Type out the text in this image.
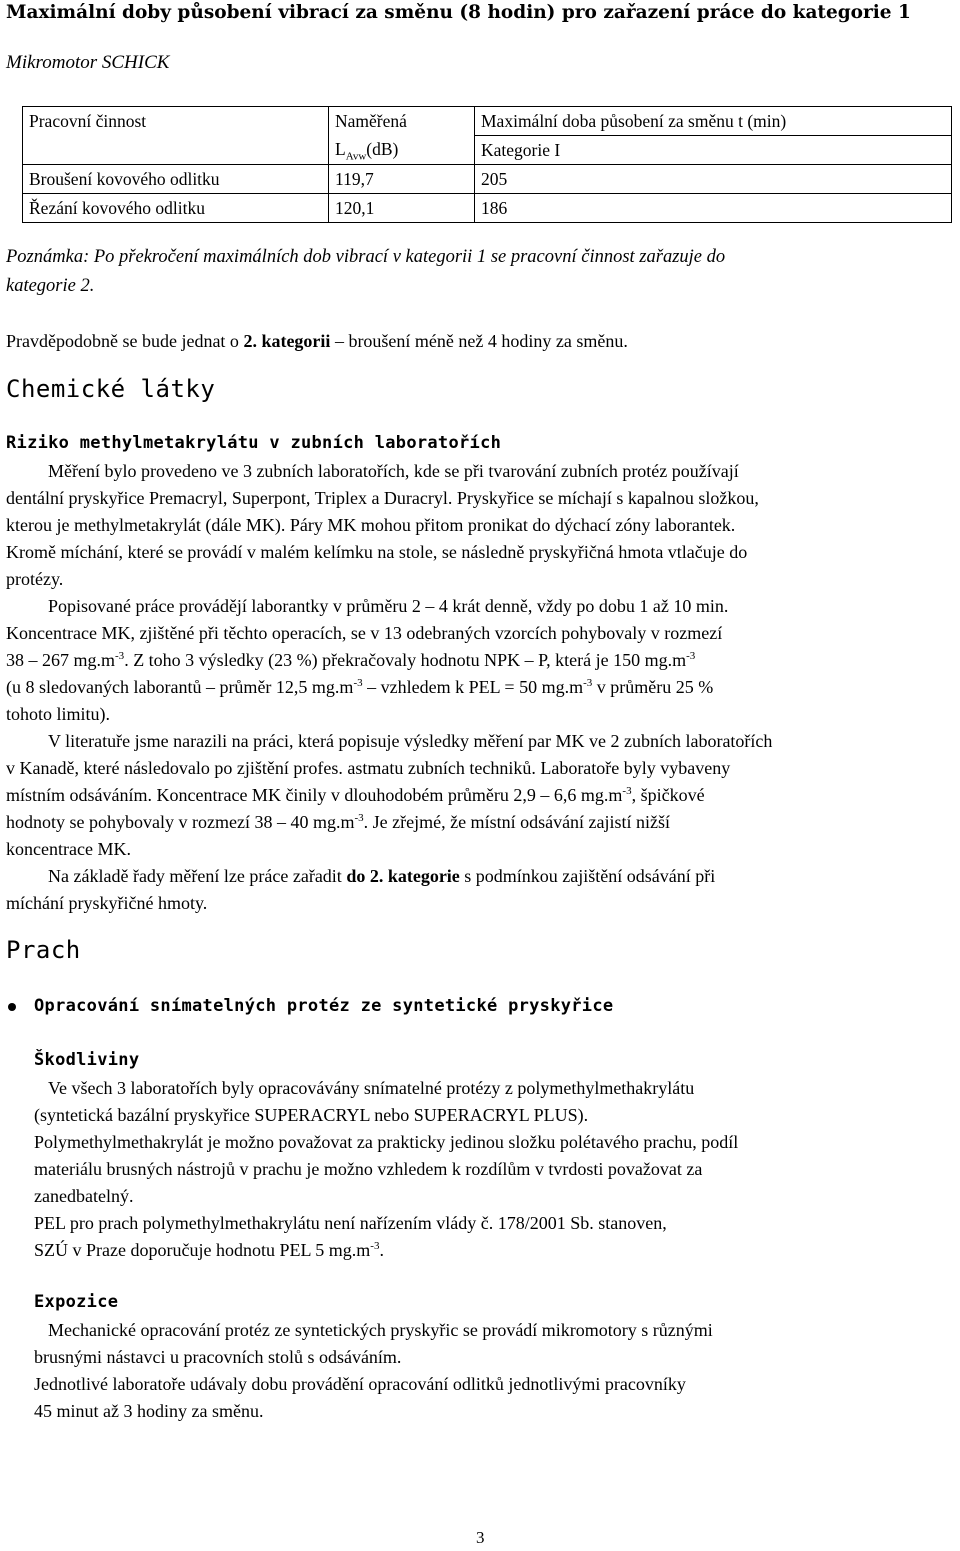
Maximální doby působení vibrací za směnu (8 hodin) pro zařazení práce do kategorie 1
Mikromotor SCHICK
Pracovní činnost	Naměřená	Maximální doba působení za směnu t (min)
	$L_{Avw}(dB)$	Kategorie I
Broušení kovového odlitku	119,7	205
Řezání kovového odlitku	120,1	186
Poznámka: Po překročení maximálních dob vibrací v kategorii 1 se pracovní činnost zařazuje do
kategorie 2.
Pravděpodobně se bude jednat o 2. kategorii – broušení méně než 4 hodiny za směnu.
Chemické látky
Riziko methylmetakrylátu v zubních laboratořích
Měření bylo provedeno ve 3 zubních laboratořích, kde se při tvarování zubních protéz používají
dentální pryskyřice Premacryl, Superpont, Triplex a Duracryl. Pryskyřice se míchají s kapalnou složkou,
kterou je methylmetakrylát (dále MK). Páry MK mohou přitom pronikat do dýchací zóny laborantek.
Kromě míchání, které se provádí v malém kelímku na stole, se následně pryskyřičná hmota vtlačuje do
protézy.
Popisované práce provádějí laborantky v průměru 2 – 4 krát denně, vždy po dobu 1 až 10 min.
Koncentrace MK, zjištěné při těchto operacích, se v 13 odebraných vzorcích pohybovaly v rozmezí
38 – 267 $mg.m^{-3}$. Z toho 3 výsledky (23 %) překračovaly hodnotu NPK – P, která je 150 $mg.m^{-3}$
(u 8 sledovaných laborantů – průměr 12,5 $mg.m^{-3}$ – vzhledem k PEL = 50 $mg.m^{-3}$ v průměru 25 %
tohoto limitu).
V literatuře jsme narazili na práci, která popisuje výsledky měření par MK ve 2 zubních laboratořích
v Kanadě, které následovalo po zjištění profes. astmatu zubních techniků. Laboratoře byly vybaveny
místním odsáváním. Koncentrace MK činily v dlouhodobém průměru 2,9 – 6,6 $mg.m^{-3}$, špičkové
hodnoty se pohybovaly v rozmezí 38 – 40 $mg.m^{-3}$. Je zřejmé, že místní odsávání zajistí nižší
koncentrace MK.
Na základě řady měření lze práce zařadit do 2. kategorie s podmínkou zajištění odsávání při
míchání pryskyřičné hmoty.
Prach
Opracování snímatelných protéz ze syntetické pryskyřice
Škodliviny
Ve všech 3 laboratořích byly opracovávány snímatelné protézy z polymethylmethakrylátu
(syntetická bazální pryskyřice SUPERACRYL nebo SUPERACRYL PLUS).
Polymethylmethakrylát je možno považovat za prakticky jedinou složku polétavého prachu, podíl
materiálu brusných nástrojů v prachu je možno vzhledem k rozdílům v tvrdosti považovat za
zanedbatelný.
PEL pro prach polymethylmethakrylátu není nařízením vlády č. 178/2001 Sb. stanoven,
SZÚ v Praze doporučuje hodnotu PEL 5 $mg.m^{-3}$.
Expozice
Mechanické opracování protéz ze syntetických pryskyřic se provádí mikromotory s různými
brusnými nástavci u pracovních stolů s odsáváním.
Jednotlivé laboratoře udávaly dobu provádění opracování odlitků jednotlivými pracovníky
45 minut až 3 hodiny za směnu.
3
